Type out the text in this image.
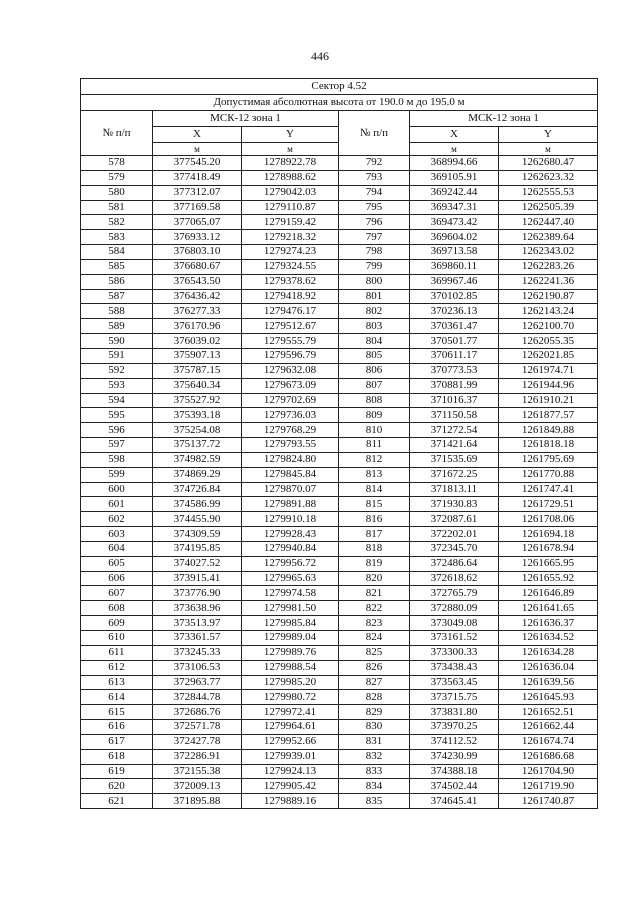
446
Сектор 4.52					
Допустимая абсолютная высота от 190.0 м до 195.0 м					
№ п/п	МСК-12 зона 1		№ п/п	МСК-12 зона 1	
	X	Y		X	Y
	м	м		м	м
578	377545.20	1278922.78	792	368994.66	1262680.47
579	377418.49	1278988.62	793	369105.91	1262623.32
580	377312.07	1279042.03	794	369242.44	1262555.53
581	377169.58	1279110.87	795	369347.31	1262505.39
582	377065.07	1279159.42	796	369473.42	1262447.40
583	376933.12	1279218.32	797	369604.02	1262389.64
584	376803.10	1279274.23	798	369713.58	1262343.02
585	376680.67	1279324.55	799	369860.11	1262283.26
586	376543.50	1279378.62	800	369967.46	1262241.36
587	376436.42	1279418.92	801	370102.85	1262190.87
588	376277.33	1279476.17	802	370236.13	1262143.24
589	376170.96	1279512.67	803	370361.47	1262100.70
590	376039.02	1279555.79	804	370501.77	1262055.35
591	375907.13	1279596.79	805	370611.17	1262021.85
592	375787.15	1279632.08	806	370773.53	1261974.71
593	375640.34	1279673.09	807	370881.99	1261944.96
594	375527.92	1279702.69	808	371016.37	1261910.21
595	375393.18	1279736.03	809	371150.58	1261877.57
596	375254.08	1279768.29	810	371272.54	1261849.88
597	375137.72	1279793.55	811	371421.64	1261818.18
598	374982.59	1279824.80	812	371535.69	1261795.69
599	374869.29	1279845.84	813	371672.25	1261770.88
600	374726.84	1279870.07	814	371813.11	1261747.41
601	374586.99	1279891.88	815	371930.83	1261729.51
602	374455.90	1279910.18	816	372087.61	1261708.06
603	374309.59	1279928.43	817	372202.01	1261694.18
604	374195.85	1279940.84	818	372345.70	1261678.94
605	374027.52	1279956.72	819	372486.64	1261665.95
606	373915.41	1279965.63	820	372618.62	1261655.92
607	373776.90	1279974.58	821	372765.79	1261646.89
608	373638.96	1279981.50	822	372880.09	1261641.65
609	373513.97	1279985.84	823	373049.08	1261636.37
610	373361.57	1279989.04	824	373161.52	1261634.52
611	373245.33	1279989.76	825	373300.33	1261634.28
612	373106.53	1279988.54	826	373438.43	1261636.04
613	372963.77	1279985.20	827	373563.45	1261639.56
614	372844.78	1279980.72	828	373715.75	1261645.93
615	372686.76	1279972.41	829	373831.80	1261652.51
616	372571.78	1279964.61	830	373970.25	1261662.44
617	372427.78	1279952.66	831	374112.52	1261674.74
618	372286.91	1279939.01	832	374230.99	1261686.68
619	372155.38	1279924.13	833	374388.18	1261704.90
620	372009.13	1279905.42	834	374502.44	1261719.90
621	371895.88	1279889.16	835	374645.41	1261740.87
